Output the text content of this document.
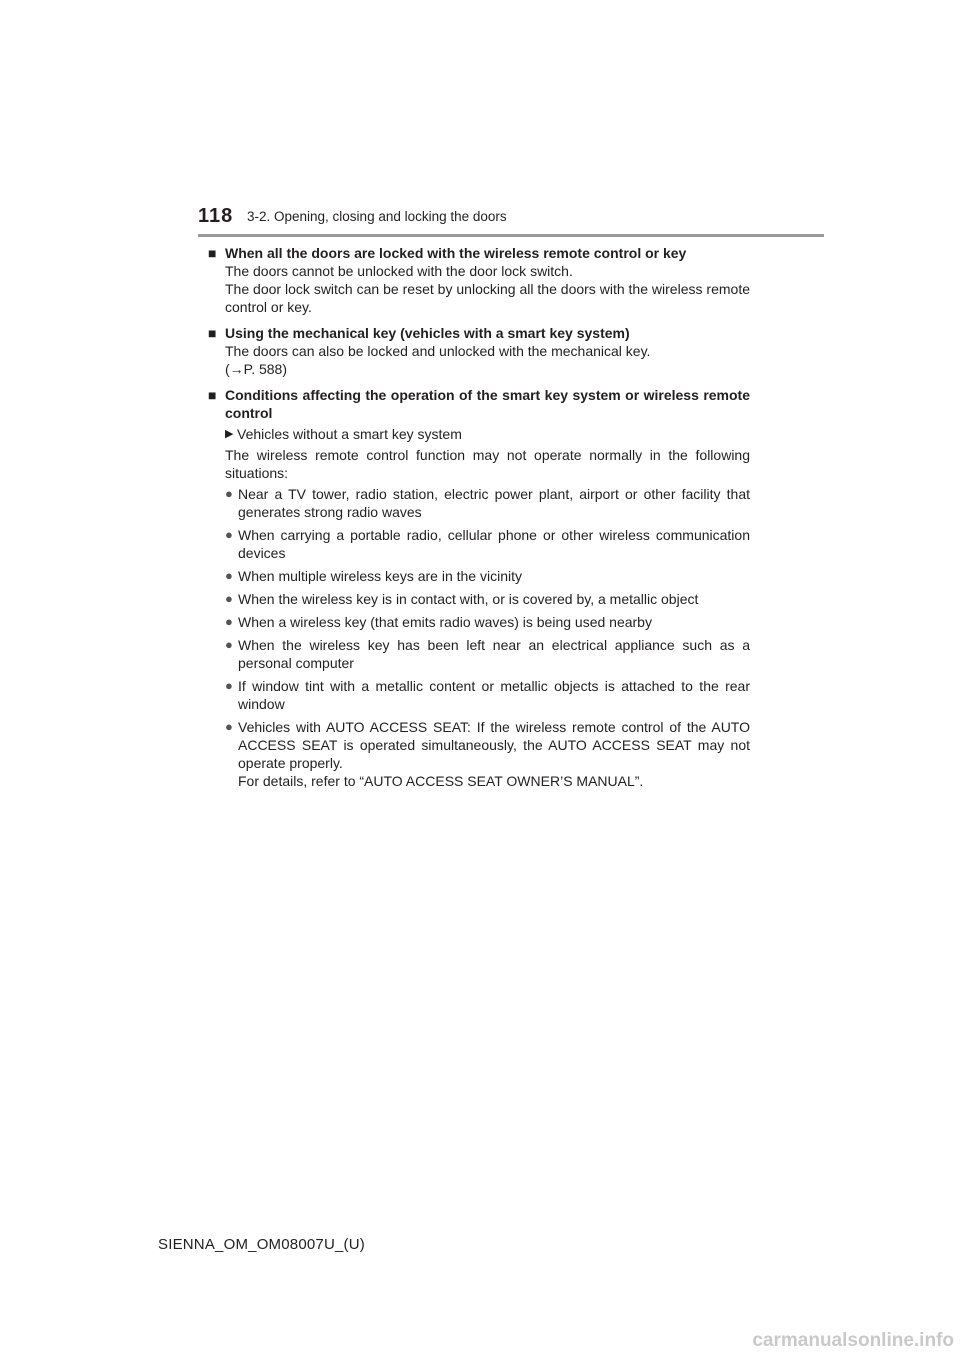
118 3-2. Opening, closing and locking the doors
■ When all the doors are locked with the wireless remote control or key
The doors cannot be unlocked with the door lock switch.
The door lock switch can be reset by unlocking all the doors with the wireless remote control or key.
■ Using the mechanical key (vehicles with a smart key system)
The doors can also be locked and unlocked with the mechanical key.
(→P. 588)
■ Conditions affecting the operation of the smart key system or wireless remote control
▶ Vehicles without a smart key system
The wireless remote control function may not operate normally in the following situations:
● Near a TV tower, radio station, electric power plant, airport or other facility that generates strong radio waves
● When carrying a portable radio, cellular phone or other wireless communication devices
● When multiple wireless keys are in the vicinity
● When the wireless key is in contact with, or is covered by, a metallic object
● When a wireless key (that emits radio waves) is being used nearby
● When the wireless key has been left near an electrical appliance such as a personal computer
● If window tint with a metallic content or metallic objects is attached to the rear window
● Vehicles with AUTO ACCESS SEAT: If the wireless remote control of the AUTO ACCESS SEAT is operated simultaneously, the AUTO ACCESS SEAT may not operate properly.
For details, refer to “AUTO ACCESS SEAT OWNER’S MANUAL”.
SIENNA_OM_OM08007U_(U)
carmanualsonline.info
